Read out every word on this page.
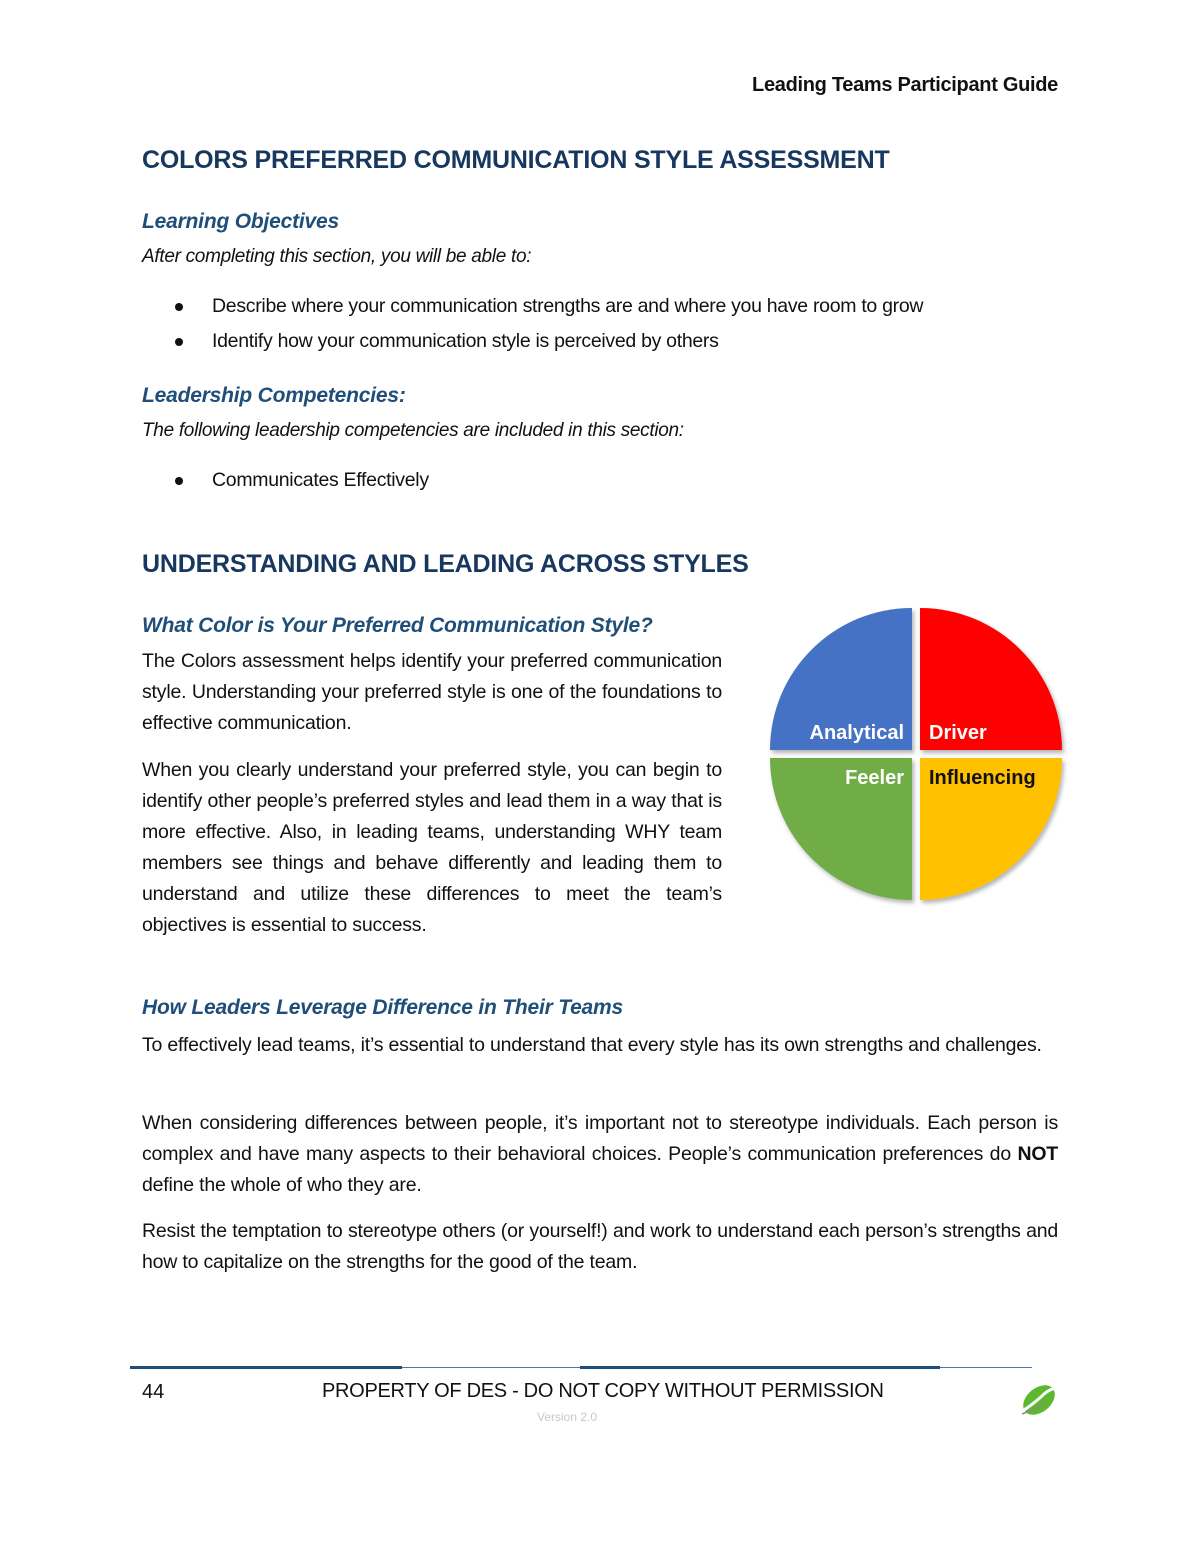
Leading Teams Participant Guide
COLORS PREFERRED COMMUNICATION STYLE ASSESSMENT
Learning Objectives
After completing this section, you will be able to:
Describe where your communication strengths are and where you have room to grow
Identify how your communication style is perceived by others
Leadership Competencies:
The following leadership competencies are included in this section:
Communicates Effectively
UNDERSTANDING AND LEADING ACROSS STYLES
What Color is Your Preferred Communication Style?

The Colors assessment helps identify your preferred communication style. Understanding your preferred style is one of the foundations to effective communication.

When you clearly understand your preferred style, you can begin to identify other people’s preferred styles and lead them in a way that is more effective. Also, in leading teams, understanding WHY team members see things and behave differently and leading them to understand and utilize these differences to meet the team’s objectives is essential to success.

Analytical Driver
Feeler Influencing
How Leaders Leverage Difference in Their Teams

To effectively lead teams, it’s essential to understand that every style has its own strengths and challenges.

When considering differences between people, it’s important not to stereotype individuals. Each person is complex and have many aspects to their behavioral choices. People’s communication preferences do NOT define the whole of who they are.

Resist the temptation to stereotype others (or yourself!) and work to understand each person’s strengths and how to capitalize on the strengths for the good of the team.

44	PROPERTY OF DES - DO NOT COPY WITHOUT PERMISSION
Version 2.0
